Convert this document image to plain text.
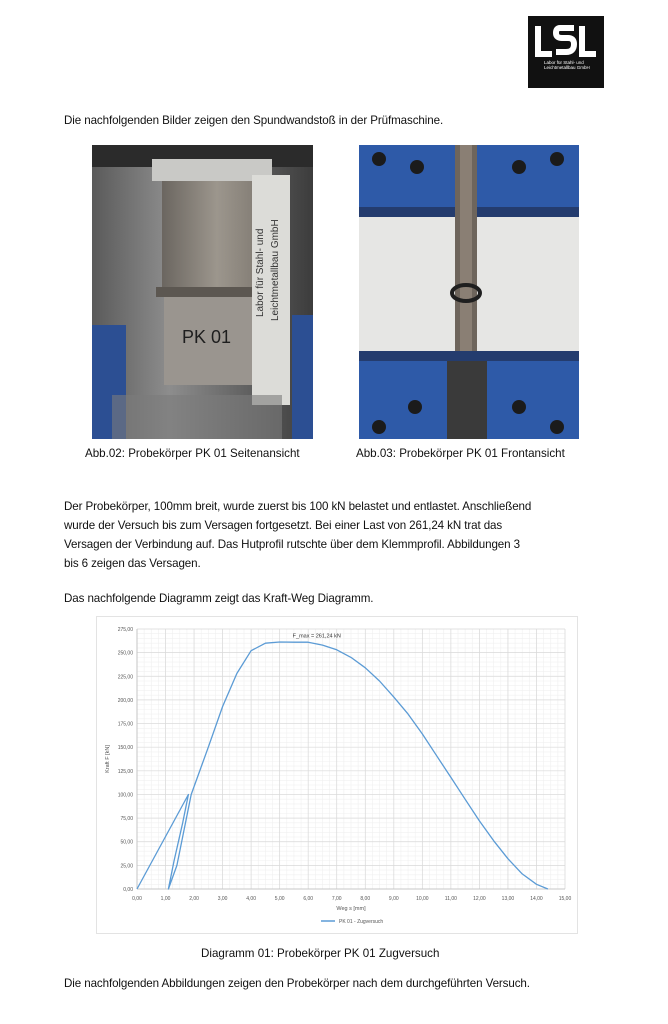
Labor für Stahl- und Leichtmetallbau GmbH
Die nachfolgenden Bilder zeigen den Spundwandstoß in der Prüfmaschine.
Labor für Stahl- und Leichtmetallbau GmbH
PK 01
Abb.02: Probekörper PK 01 Seitenansicht	Abb.03: Probekörper PK 01 Frontansicht
Der Probekörper, 100mm breit, wurde zuerst bis 100 kN belastet und entlastet. Anschließend
wurde der Versuch bis zum Versagen fortgesetzt. Bei einer Last von 261,24 kN trat das
Versagen der Verbindung auf. Das Hutprofil rutschte über dem Klemmprofil. Abbildungen 3
bis 6 zeigen das Versagen.
Das nachfolgende Diagramm zeigt das Kraft-Weg Diagramm.
0,00	1,00	2,00	3,00	4,00	5,00	6,00	7,00	8,00	9,00	10,00	11,00	12,00	13,00	14,00	15,00
0,00
25,00
50,00
75,00
100,00
125,00
150,00
175,00
200,00
225,00
250,00
275,00
Weg s [mm]
Kraft F [kN]
F_max = 261,24 kN
PK 01 - Zugversuch
Diagramm 01: Probekörper PK 01 Zugversuch
Die nachfolgenden Abbildungen zeigen den Probekörper nach dem durchgeführten Versuch.
